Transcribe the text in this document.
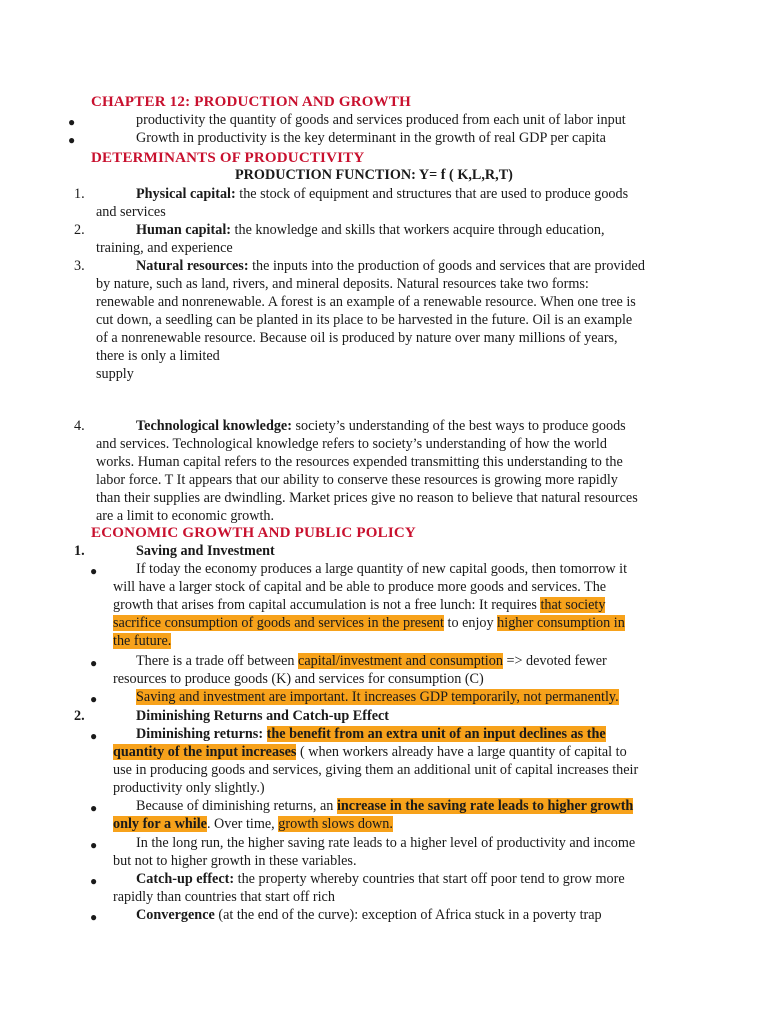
CHAPTER 12: PRODUCTION AND GROWTH
●	productivity the quantity of goods and services produced from each unit of labor input
●	Growth in productivity is the key determinant in the growth of real GDP per capita
DETERMINANTS OF PRODUCTIVITY
PRODUCTION FUNCTION: Y= f ( K,L,R,T)
1.	Physical capital: the stock of equipment and structures that are used to produce goods
and services
2.	Human capital: the knowledge and skills that workers acquire through education,
training, and experience
3.	Natural resources: the inputs into the production of goods and services that are provided
by nature, such as land, rivers, and mineral deposits. Natural resources take two forms:
renewable and nonrenewable. A forest is an example of a renewable resource. When one tree is
cut down, a seedling can be planted in its place to be harvested in the future. Oil is an example
of a nonrenewable resource. Because oil is produced by nature over many millions of years,
there is only a limited
supply
4.	Technological knowledge: society’s understanding of the best ways to produce goods
and services. Technological knowledge refers to society’s understanding of how the world
works. Human capital refers to the resources expended transmitting this understanding to the
labor force. T It appears that our ability to conserve these resources is growing more rapidly
than their supplies are dwindling. Market prices give no reason to believe that natural resources
are a limit to economic growth.
ECONOMIC GROWTH AND PUBLIC POLICY
1.	Saving and Investment
●	If today the economy produces a large quantity of new capital goods, then tomorrow it
will have a larger stock of capital and be able to produce more goods and services. The
growth that arises from capital accumulation is not a free lunch: It requires that society
sacrifice consumption of goods and services in the present to enjoy higher consumption in
the future.
●	There is a trade off between capital/investment and consumption => devoted fewer
resources to produce goods (K) and services for consumption (C)
●	Saving and investment are important. It increases GDP temporarily, not permanently.
2.	Diminishing Returns and Catch-up Effect
●	Diminishing returns: the benefit from an extra unit of an input declines as the
quantity of the input increases ( when workers already have a large quantity of capital to
use in producing goods and services, giving them an additional unit of capital increases their
productivity only slightly.)
●	Because of diminishing returns, an increase in the saving rate leads to higher growth
only for a while. Over time, growth slows down.
●	In the long run, the higher saving rate leads to a higher level of productivity and income
but not to higher growth in these variables.
●	Catch-up effect: the property whereby countries that start off poor tend to grow more
rapidly than countries that start off rich
●	Convergence (at the end of the curve): exception of Africa stuck in a poverty trap
